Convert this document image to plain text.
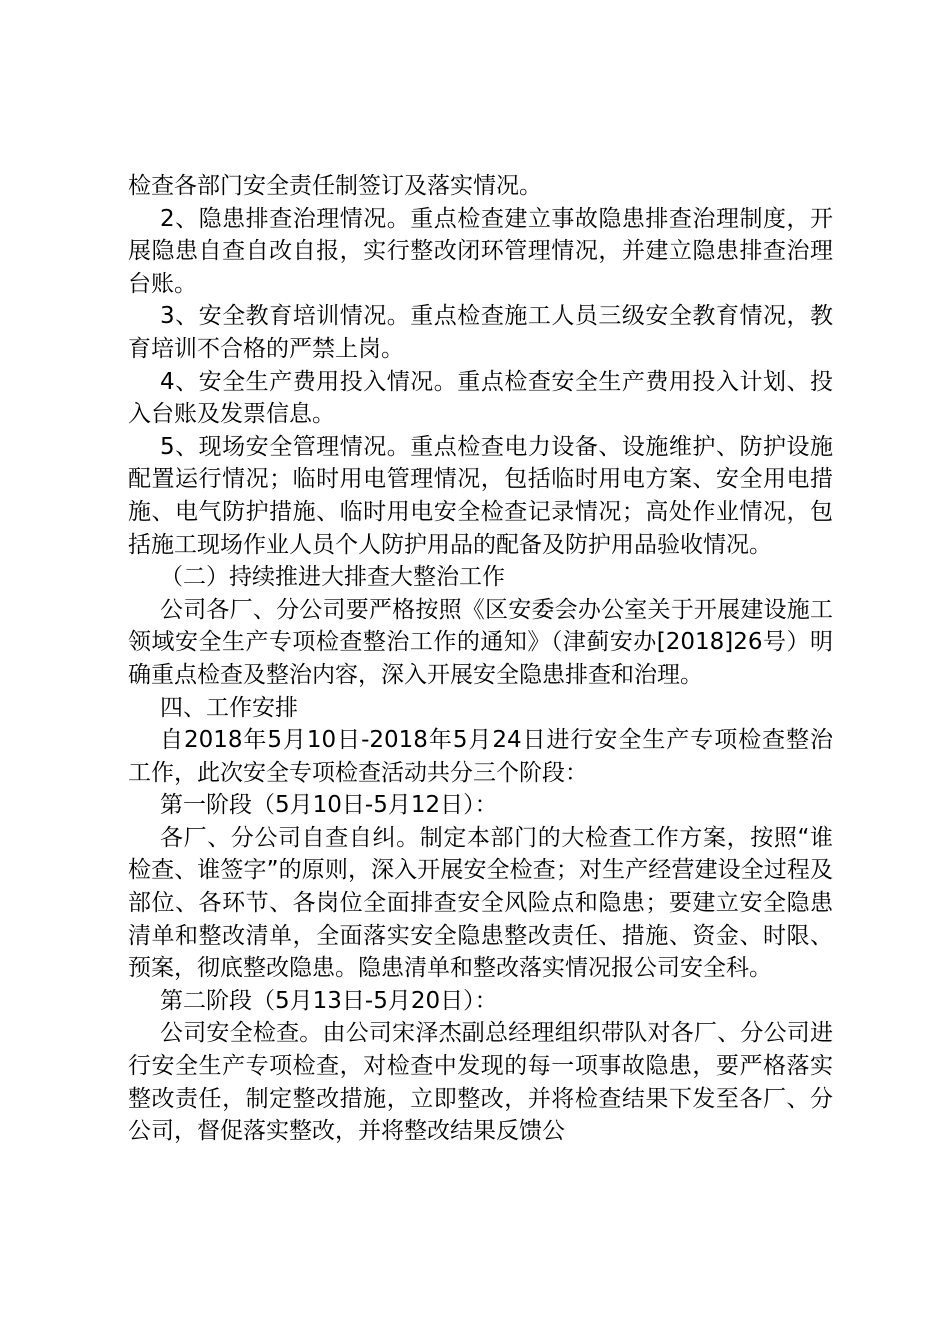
检查各部门安全责任制签订及落实情况。

2、隐患排查治理情况。重点检查建立事故隐患排查治理制度，开展隐患自查自改自报，实行整改闭环管理情况，并建立隐患排查治理台账。

3、安全教育培训情况。重点检查施工人员三级安全教育情况，教育培训不合格的严禁上岗。

4、安全生产费用投入情况。重点检查安全生产费用投入计划、投入台账及发票信息。

5、现场安全管理情况。重点检查电力设备、设施维护、防护设施配置运行情况；临时用电管理情况，包括临时用电方案、安全用电措施、电气防护措施、临时用电安全检查记录情况；高处作业情况，包括施工现场作业人员个人防护用品的配备及防护用品验收情况。

（二）持续推进大排查大整治工作

公司各厂、分公司要严格按照《区安委会办公室关于开展建设施工领域安全生产专项检查整治工作的通知》（津蓟安办[2018]26号）明确重点检查及整治内容，深入开展安全隐患排查和治理。

四、工作安排

自2018年5月10日-2018年5月24日进行安全生产专项检查整治工作，此次安全专项检查活动共分三个阶段：

第一阶段（5月10日-5月12日）：

各厂、分公司自查自纠。制定本部门的大检查工作方案，按照“谁检查、谁签字”的原则，深入开展安全检查；对生产经营建设全过程及部位、各环节、各岗位全面排查安全风险点和隐患；要建立安全隐患清单和整改清单，全面落实安全隐患整改责任、措施、资金、时限、预案，彻底整改隐患。隐患清单和整改落实情况报公司安全科。

第二阶段（5月13日-5月20日）：

公司安全检查。由公司宋泽杰副总经理组织带队对各厂、分公司进行安全生产专项检查，对检查中发现的每一项事故隐患，要严格落实整改责任，制定整改措施，立即整改，并将检查结果下发至各厂、分公司，督促落实整改，并将整改结果反馈公
